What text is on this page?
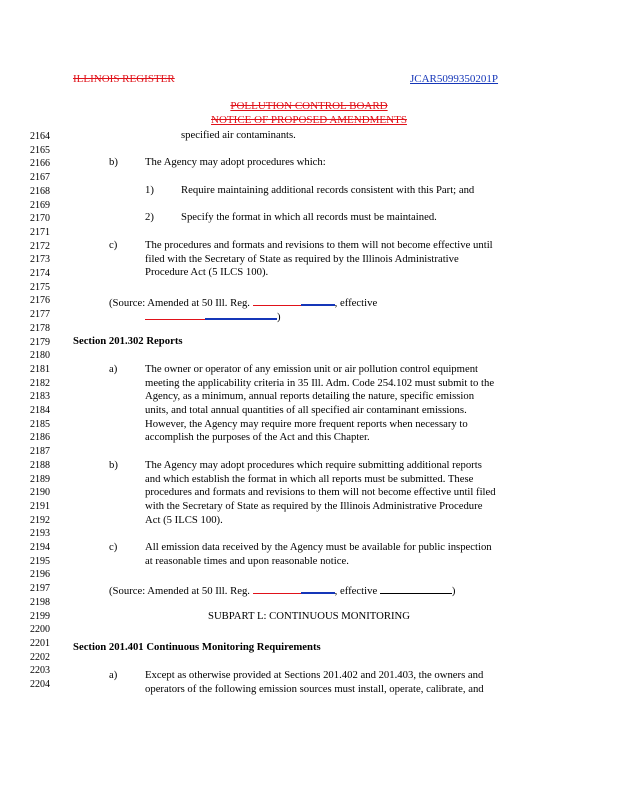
ILLINOIS REGISTER	JCAR5099350201P
POLLUTION CONTROL BOARD
NOTICE OF PROPOSED AMENDMENTS
2164
2165
2166
2167
2168
2169
2170
2171
2172
2173
2174
2175
2176
2177
2178
2179
2180
2181
2182
2183
2184
2185
2186
2187
2188
2189
2190
2191
2192
2193
2194
2195
2196
2197
2198
2199
2200
2201
2202
2203
2204
specified air contaminants.
b)	The Agency may adopt procedures which:
1)	Require maintaining additional records consistent with this Part; and
2)	Specify the format in which all records must be maintained.
c)	The procedures and formats and revisions to them will not become effective until
filed with the Secretary of State as required by the Illinois Administrative
Procedure Act (5 ILCS 100).
(Source: Amended at 50 Ill. Reg.	, effective
)
Section 201.302 Reports
a)	The owner or operator of any emission unit or air pollution control equipment
meeting the applicability criteria in 35 Ill. Adm. Code 254.102 must submit to the
Agency, as a minimum, annual reports detailing the nature, specific emission
units, and total annual quantities of all specified air contaminant emissions.
However, the Agency may require more frequent reports when necessary to
accomplish the purposes of the Act and this Chapter.
b)	The Agency may adopt procedures which require submitting additional reports
and which establish the format in which all reports must be submitted. These
procedures and formats and revisions to them will not become effective until filed
with the Secretary of State as required by the Illinois Administrative Procedure
Act (5 ILCS 100).
c)	All emission data received by the Agency must be available for public inspection
at reasonable times and upon reasonable notice.
(Source: Amended at 50 Ill. Reg.	, effective	)
SUBPART L: CONTINUOUS MONITORING
Section 201.401 Continuous Monitoring Requirements
a)	Except as otherwise provided at Sections 201.402 and 201.403, the owners and
operators of the following emission sources must install, operate, calibrate, and
